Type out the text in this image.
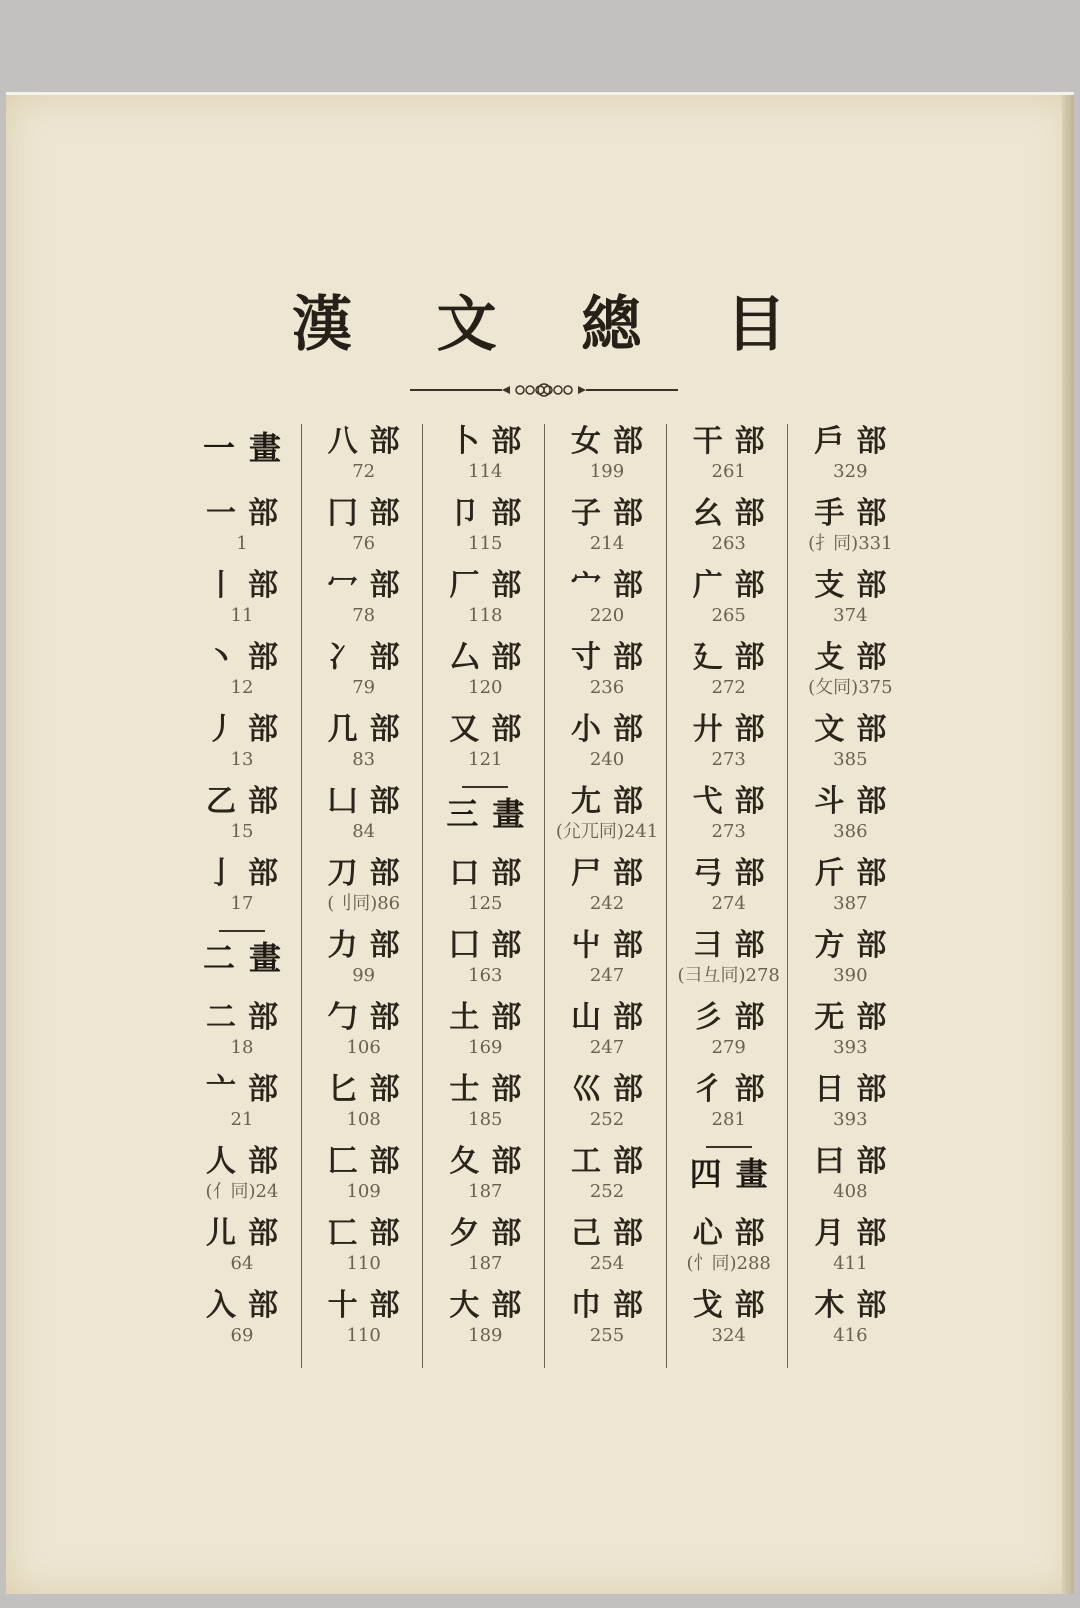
漢 文 總 目
一畫
一部
1
丨部
11
丶部
12
丿部
13
乙部
15
亅部
17
二畫
二部
18
亠部
21
人部
(亻同)24
儿部
64
入部
69
八部
72
冂部
76
冖部
78
冫部
79
几部
83
凵部
84
刀部
(刂同)86
力部
99
勹部
106
匕部
108
匚部
109
匸部
110
十部
110
卜部
114
卩部
115
厂部
118
厶部
120
又部
121
三畫
口部
125
囗部
163
土部
169
士部
185
夂部
187
夕部
187
大部
189
女部
199
子部
214
宀部
220
寸部
236
小部
240
尢部
(尣兀同)241
尸部
242
屮部
247
山部
247
巛部
252
工部
252
己部
254
巾部
255
干部
261
幺部
263
广部
265
廴部
272
廾部
273
弋部
273
弓部
274
彐部
(彐彑同)278
彡部
279
彳部
281
四畫
心部
(忄同)288
戈部
324
戶部
329
手部
(扌同)331
支部
374
攴部
(攵同)375
文部
385
斗部
386
斤部
387
方部
390
无部
393
日部
393
曰部
408
月部
411
木部
416
